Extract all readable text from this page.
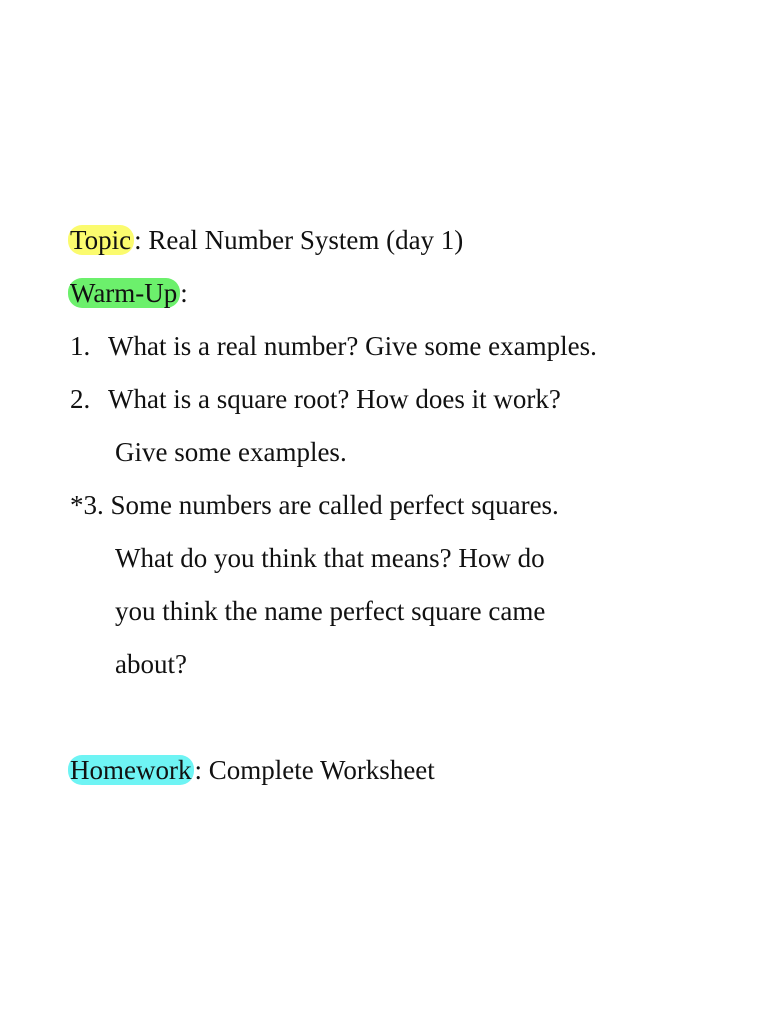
Topic : Real Number System (day 1)
Warm-Up :
1. What is a real number? Give some examples.
2. What is a square root? How does it work?
Give some examples.
*3. Some numbers are called perfect squares.
What do you think that means? How do
you think the name perfect square came
about?
Homework : Complete Worksheet
